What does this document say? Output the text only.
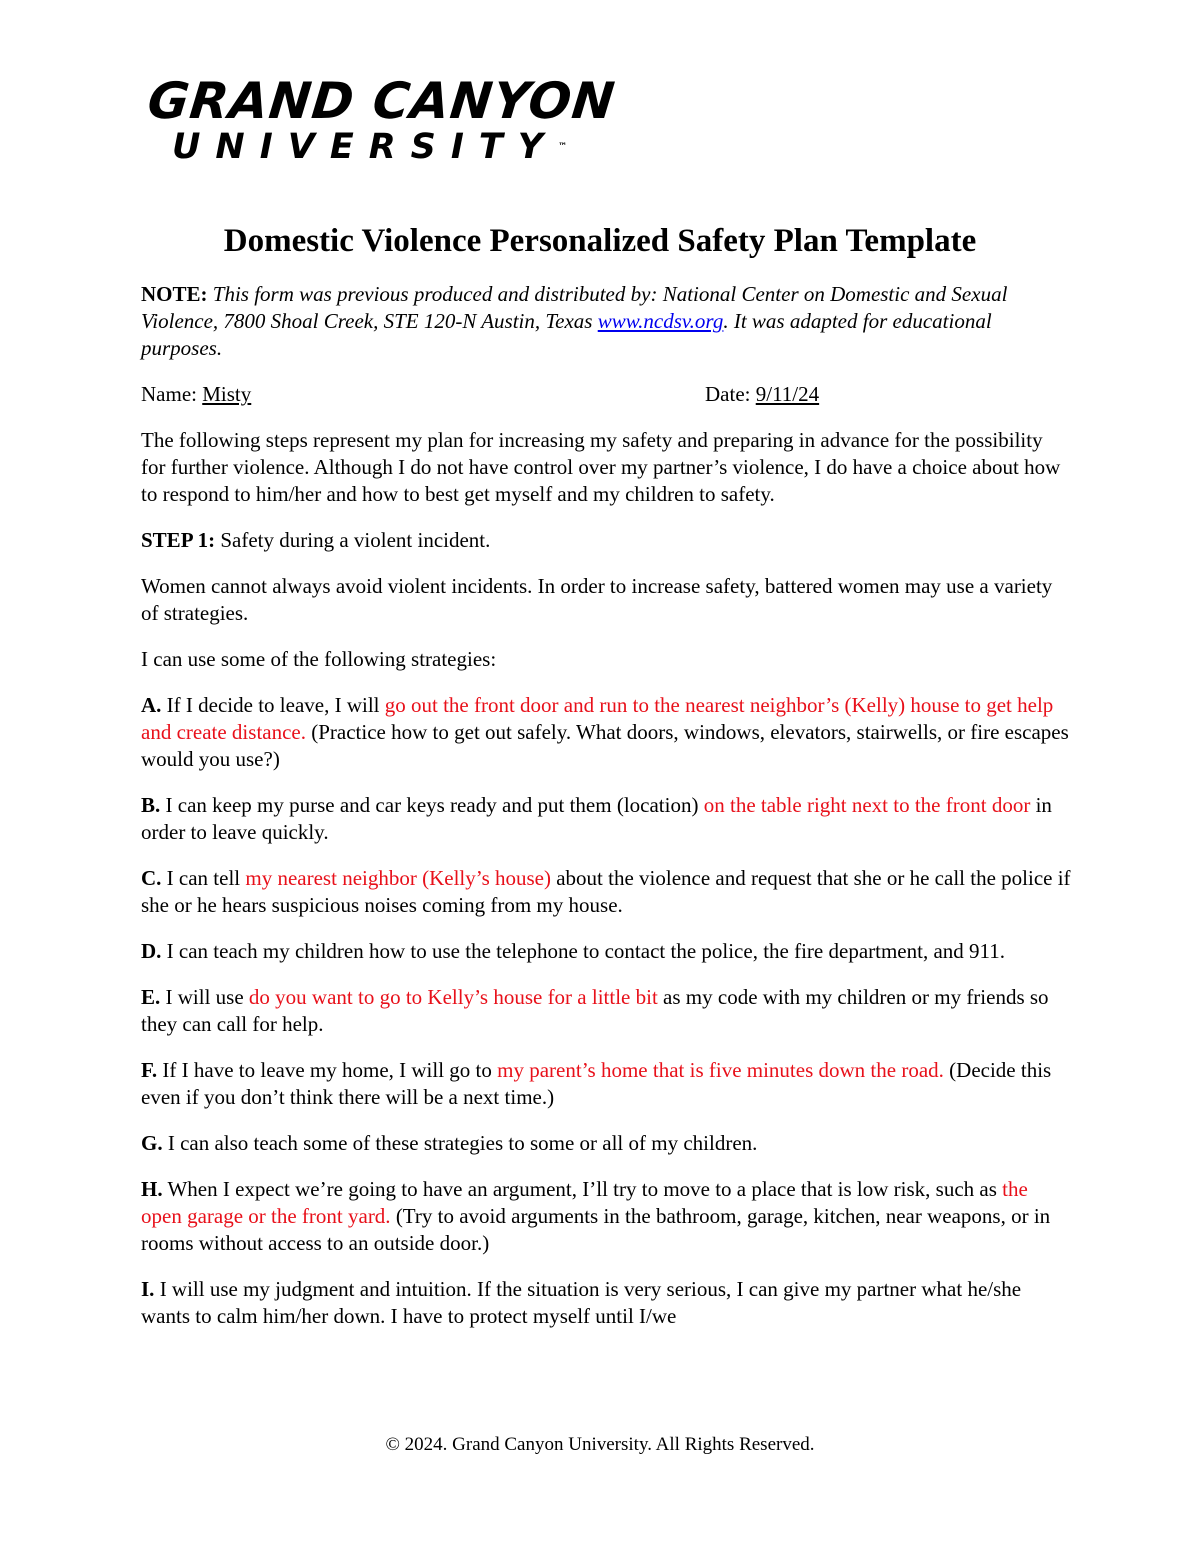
GRAND CANYON
UNIVERSITY™
Domestic Violence Personalized Safety Plan Template

NOTE: This form was previous produced and distributed by: National Center on Domestic and Sexual Violence, 7800 Shoal Creek, STE 120-N Austin, Texas www.ncdsv.org. It was adapted for educational purposes.

Name: Misty	Date: 9/11/24

The following steps represent my plan for increasing my safety and preparing in advance for the possibility for further violence. Although I do not have control over my partner’s violence, I do have a choice about how to respond to him/her and how to best get myself and my children to safety.

STEP 1: Safety during a violent incident.

Women cannot always avoid violent incidents. In order to increase safety, battered women may use a variety of strategies.

I can use some of the following strategies:

A. If I decide to leave, I will go out the front door and run to the nearest neighbor’s (Kelly) house to get help and create distance. (Practice how to get out safely. What doors, windows, elevators, stairwells, or fire escapes would you use?)

B. I can keep my purse and car keys ready and put them (location) on the table right next to the front door in order to leave quickly.

C. I can tell my nearest neighbor (Kelly’s house) about the violence and request that she or he call the police if she or he hears suspicious noises coming from my house.

D. I can teach my children how to use the telephone to contact the police, the fire department, and 911.

E. I will use do you want to go to Kelly’s house for a little bit as my code with my children or my friends so they can call for help.

F. If I have to leave my home, I will go to my parent’s home that is five minutes down the road. (Decide this even if you don’t think there will be a next time.)

G. I can also teach some of these strategies to some or all of my children.

H. When I expect we’re going to have an argument, I’ll try to move to a place that is low risk, such as the open garage or the front yard. (Try to avoid arguments in the bathroom, garage, kitchen, near weapons, or in rooms without access to an outside door.)

I. I will use my judgment and intuition. If the situation is very serious, I can give my partner what he/she wants to calm him/her down. I have to protect myself until I/we

© 2024. Grand Canyon University. All Rights Reserved.
